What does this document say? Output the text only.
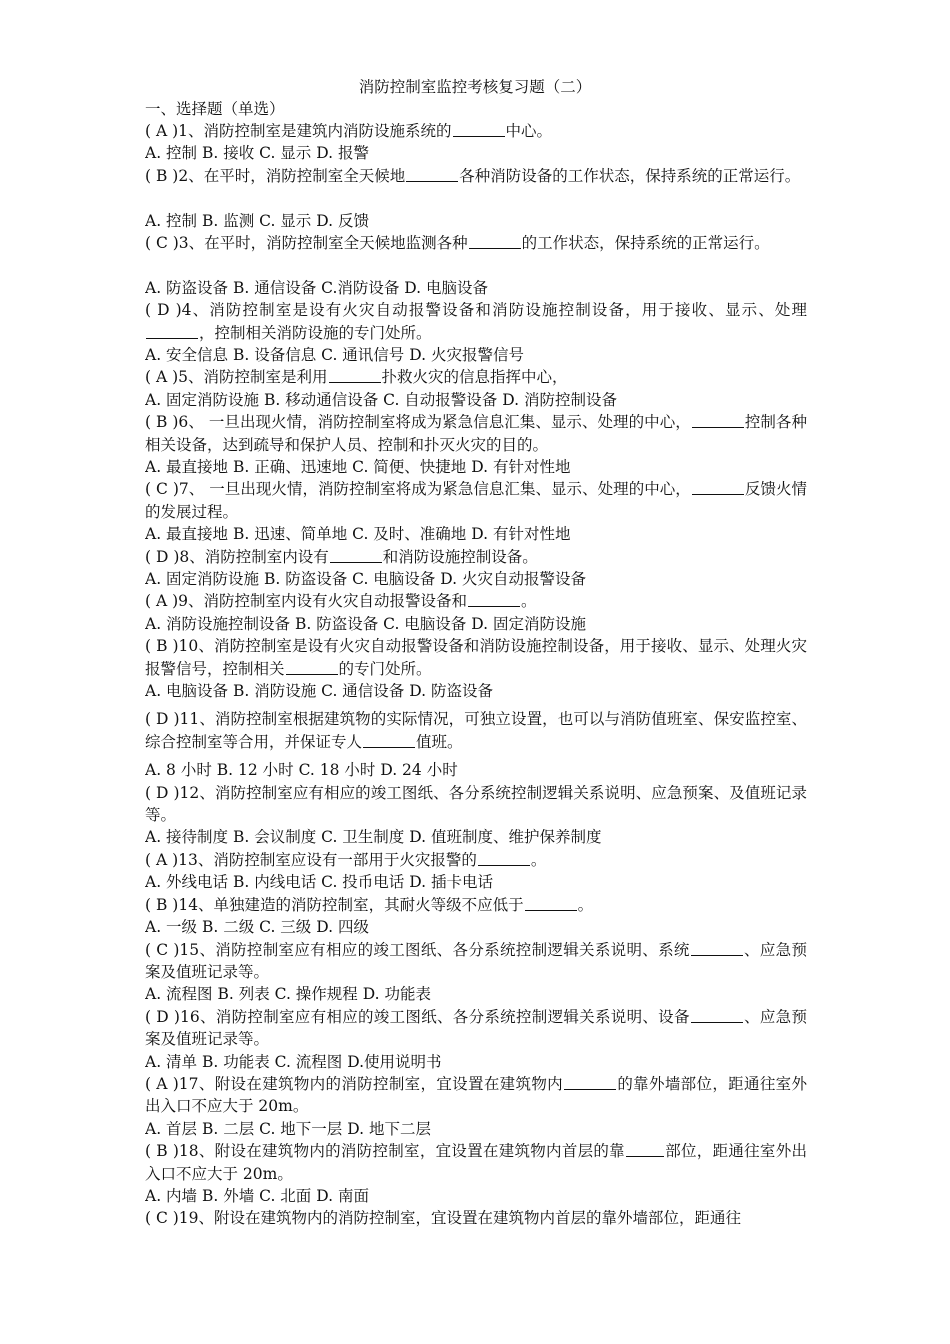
消防控制室监控考核复习题（二）
一、选择题（单选）
( A )1、消防控制室是建筑内消防设施系统的	中心。
A. 控制 B. 接收 C. 显示 D. 报警
( B )2、在平时，消防控制室全天候地	各种消防设备的工作状态，保持系统的正常运行。
A. 控制 B. 监测 C. 显示 D. 反馈
( C )3、在平时，消防控制室全天候地监测各种	的工作状态，保持系统的正常运行。
A. 防盗设备 B. 通信设备 C.消防设备 D. 电脑设备
( D )4、消防控制室是设有火灾自动报警设备和消防设施控制设备，用于接收、显示、处理，控制相关消防设施的专门处所。
A. 安全信息 B. 设备信息 C. 通讯信号 D. 火灾报警信号
( A )5、消防控制室是利用	扑救火灾的信息指挥中心，
A. 固定消防设施 B. 移动通信设备 C. 自动报警设备 D. 消防控制设备
( B )6、 一旦出现火情，消防控制室将成为紧急信息汇集、显示、处理的中心，	控制各种相关设备，达到疏导和保护人员、控制和扑灭火灾的目的。
A. 最直接地 B. 正确、迅速地 C. 简便、快捷地 D. 有针对性地
( C )7、 一旦出现火情，消防控制室将成为紧急信息汇集、显示、处理的中心，	反馈火情的发展过程。
A. 最直接地 B. 迅速、简单地 C. 及时、准确地 D. 有针对性地
( D )8、消防控制室内设有	和消防设施控制设备。
A. 固定消防设施 B. 防盗设备 C. 电脑设备 D. 火灾自动报警设备
( A )9、消防控制室内设有火灾自动报警设备和	。
A. 消防设施控制设备 B. 防盗设备 C. 电脑设备 D. 固定消防设施
( B )10、消防控制室是设有火灾自动报警设备和消防设施控制设备，用于接收、显示、处理火灾报警信号，控制相关	的专门处所。
A. 电脑设备 B. 消防设施 C. 通信设备 D. 防盗设备
( D )11、消防控制室根据建筑物的实际情况，可独立设置，也可以与消防值班室、保安监控室、综合控制室等合用，并保证专人	值班。
A. 8 小时 B. 12 小时 C. 18 小时 D. 24 小时
( D )12、消防控制室应有相应的竣工图纸、各分系统控制逻辑关系说明、应急预案、及值班记录等。
A. 接待制度 B. 会议制度 C. 卫生制度 D. 值班制度、维护保养制度
( A )13、消防控制室应设有一部用于火灾报警的	。
A. 外线电话 B. 内线电话 C. 投币电话 D. 插卡电话
( B )14、单独建造的消防控制室，其耐火等级不应低于	。
A. 一级 B. 二级 C. 三级 D. 四级
( C )15、消防控制室应有相应的竣工图纸、各分系统控制逻辑关系说明、系统	、应急预案及值班记录等。
A. 流程图 B. 列表 C. 操作规程 D. 功能表
( D )16、消防控制室应有相应的竣工图纸、各分系统控制逻辑关系说明、设备	、应急预案及值班记录等。
A. 清单 B. 功能表 C. 流程图 D.使用说明书
( A )17、附设在建筑物内的消防控制室，宜设置在建筑物内	的靠外墙部位，距通往室外出入口不应大于 20m。
A. 首层 B. 二层 C. 地下一层 D. 地下二层
( B )18、附设在建筑物内的消防控制室，宜设置在建筑物内首层的靠	部位，距通往室外出入口不应大于 20m。
A. 内墙 B. 外墙 C. 北面 D. 南面
( C )19、附设在建筑物内的消防控制室，宜设置在建筑物内首层的靠外墙部位，距通往
